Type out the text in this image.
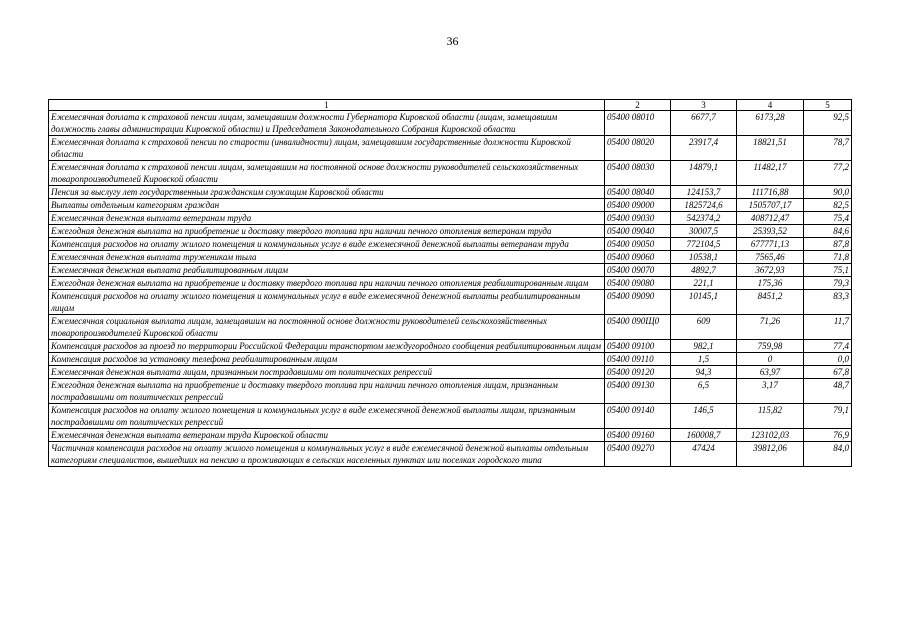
36
1	2	3	4	5
Ежемесячная доплата к страховой пенсии лицам, замещавшим должности Губернатора Кировской области (лицам, замещавшим должность главы администрации Кировской области) и Председателя Законодательного Собрания Кировской области	05400 08010	6677,7	6173,28	92,5
Ежемесячная доплата к страховой пенсии по старости (инвалидности) лицам, замещавшим государственные должности Кировской области	05400 08020	23917,4	18821,51	78,7
Ежемесячная доплата к страховой пенсии лицам, замещавшим на постоянной основе должности руководителей сельскохозяйственных товаропроизводителей Кировской области	05400 08030	14879,1	11482,17	77,2
Пенсия за выслугу лет государственным гражданским служащим Кировской области	05400 08040	124153,7	111716,88	90,0
Выплаты отдельным категориям граждан	05400 09000	1825724,6	1505707,17	82,5
Ежемесячная денежная выплата ветеранам труда	05400 09030	542374,2	408712,47	75,4
Ежегодная денежная выплата на приобретение и доставку твердого топлива при наличии печного отопления ветеранам труда	05400 09040	30007,5	25393,52	84,6
Компенсация расходов на оплату жилого помещения и коммунальных услуг в виде ежемесячной денежной выплаты ветеранам труда	05400 09050	772104,5	677771,13	87,8
Ежемесячная денежная выплата труженикам тыла	05400 09060	10538,1	7565,46	71,8
Ежемесячная денежная выплата реабилитированным лицам	05400 09070	4892,7	3672,93	75,1
Ежегодная денежная выплата на приобретение и доставку твердого топлива при наличии печного отопления реабилитированным лицам	05400 09080	221,1	175,36	79,3
Компенсация расходов на оплату жилого помещения и коммунальных услуг в виде ежемесячной денежной выплаты реабилитированным лицам	05400 09090	10145,1	8451,2	83,3
Ежемесячная социальная выплата лицам, замещавшим на постоянной основе должности руководителей сельскохозяйственных товаропроизводителей Кировской области	05400 090Щ0	609	71,26	11,7
Компенсация расходов за проезд по территории Российской Федерации транспортом междугородного сообщения реабилитированным лицам	05400 09100	982,1	759,98	77,4
Компенсация расходов за установку телефона реабилитированным лицам	05400 09110	1,5	0	0,0
Ежемесячная денежная выплата лицам, признанным пострадавшими от политических репрессий	05400 09120	94,3	63,97	67,8
Ежегодная денежная выплата на приобретение и доставку твердого топлива при наличии печного отопления лицам, признанным пострадавшими от политических репрессий	05400 09130	6,5	3,17	48,7
Компенсация расходов на оплату жилого помещения и коммунальных услуг в виде ежемесячной денежной выплаты лицам, признанным пострадавшими от политических репрессий	05400 09140	146,5	115,82	79,1
Ежемесячная денежная выплата ветеранам труда Кировской области	05400 09160	160008,7	123102,03	76,9
Частичная компенсация расходов на оплату жилого помещения и коммунальных услуг в виде ежемесячной денежной выплаты отдельным категориям специалистов, вышедших на пенсию и проживающих в сельских населенных пунктах или поселках городского типа	05400 09270	47424	39812,06	84,0
